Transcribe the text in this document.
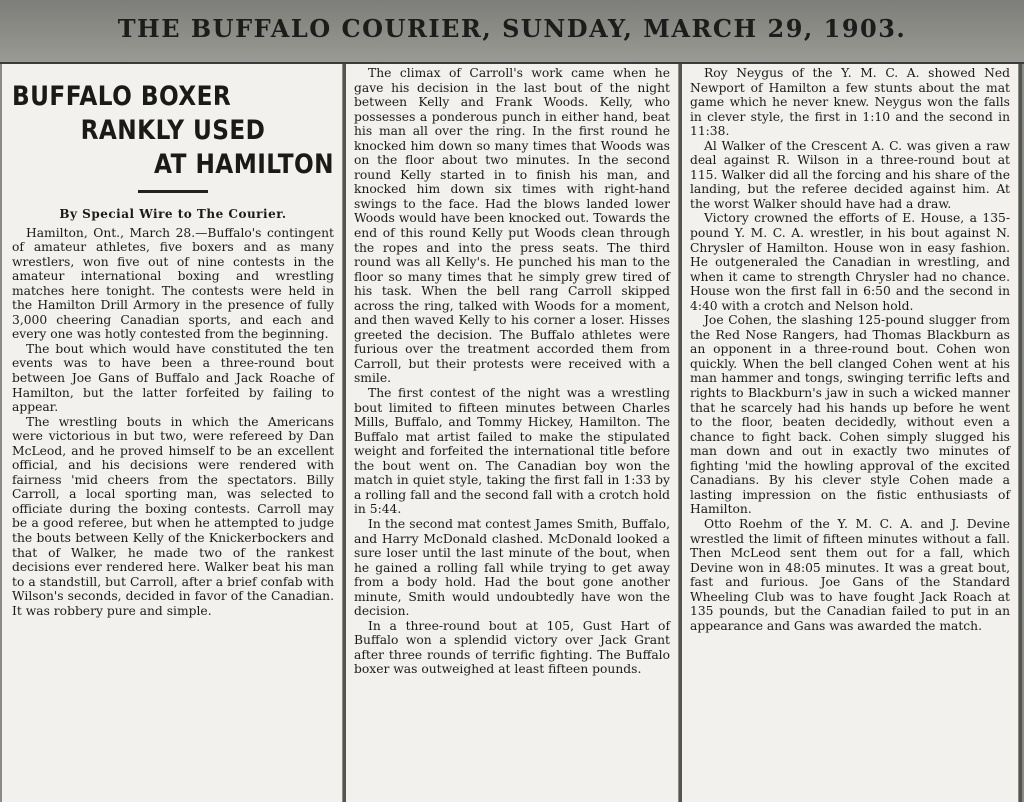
THE BUFFALO COURIER, SUNDAY, MARCH 29, 1903.
BUFFALO BOXER
RANKLY USED
AT HAMILTON
By Special Wire to The Courier.

Hamilton, Ont., March 28.—Buffalo's contingent of amateur athletes, five boxers and as many wrestlers, won five out of nine contests in the amateur international boxing and wrestling matches here tonight. The contests were held in the Hamilton Drill Armory in the presence of fully 3,000 cheering Canadian sports, and each and every one was hotly contested from the beginning.

The bout which would have constituted the ten events was to have been a three-round bout between Joe Gans of Buffalo and Jack Roache of Hamilton, but the latter forfeited by failing to appear.

The wrestling bouts in which the Americans were victorious in but two, were refereed by Dan McLeod, and he proved himself to be an excellent official, and his decisions were rendered with fairness 'mid cheers from the spectators. Billy Carroll, a local sporting man, was selected to officiate during the boxing contests. Carroll may be a good referee, but when he attempted to judge the bouts between Kelly of the Knickerbockers and that of Walker, he made two of the rankest decisions ever rendered here. Walker beat his man to a standstill, but Carroll, after a brief confab with Wilson's seconds, decided in favor of the Canadian. It was robbery pure and simple.

The climax of Carroll's work came when he gave his decision in the last bout of the night between Kelly and Frank Woods. Kelly, who possesses a ponderous punch in either hand, beat his man all over the ring. In the first round he knocked him down so many times that Woods was on the floor about two minutes. In the second round Kelly started in to finish his man, and knocked him down six times with right-hand swings to the face. Had the blows landed lower Woods would have been knocked out. Towards the end of this round Kelly put Woods clean through the ropes and into the press seats. The third round was all Kelly's. He punched his man to the floor so many times that he simply grew tired of his task. When the bell rang Carroll skipped across the ring, talked with Woods for a moment, and then waved Kelly to his corner a loser. Hisses greeted the decision. The Buffalo athletes were furious over the treatment accorded them from Carroll, but their protests were received with a smile.

The first contest of the night was a wrestling bout limited to fifteen minutes between Charles Mills, Buffalo, and Tommy Hickey, Hamilton. The Buffalo mat artist failed to make the stipulated weight and forfeited the international title before the bout went on. The Canadian boy won the match in quiet style, taking the first fall in 1:33 by a rolling fall and the second fall with a crotch hold in 5:44.

In the second mat contest James Smith, Buffalo, and Harry McDonald clashed. McDonald looked a sure loser until the last minute of the bout, when he gained a rolling fall while trying to get away from a body hold. Had the bout gone another minute, Smith would undoubtedly have won the decision.

In a three-round bout at 105, Gust Hart of Buffalo won a splendid victory over Jack Grant after three rounds of terrific fighting. The Buffalo boxer was outweighed at least fifteen pounds.

Roy Neygus of the Y. M. C. A. showed Ned Newport of Hamilton a few stunts about the mat game which he never knew. Neygus won the falls in clever style, the first in 1:10 and the second in 11:38.

Al Walker of the Crescent A. C. was given a raw deal against R. Wilson in a three-round bout at 115. Walker did all the forcing and his share of the landing, but the referee decided against him. At the worst Walker should have had a draw.

Victory crowned the efforts of E. House, a 135-pound Y. M. C. A. wrestler, in his bout against N. Chrysler of Hamilton. House won in easy fashion. He outgeneraled the Canadian in wrestling, and when it came to strength Chrysler had no chance. House won the first fall in 6:50 and the second in 4:40 with a crotch and Nelson hold.

Joe Cohen, the slashing 125-pound slugger from the Red Nose Rangers, had Thomas Blackburn as an opponent in a three-round bout. Cohen won quickly. When the bell clanged Cohen went at his man hammer and tongs, swinging terrific lefts and rights to Blackburn's jaw in such a wicked manner that he scarcely had his hands up before he went to the floor, beaten decidedly, without even a chance to fight back. Cohen simply slugged his man down and out in exactly two minutes of fighting 'mid the howling approval of the excited Canadians. By his clever style Cohen made a lasting impression on the fistic enthusiasts of Hamilton.

Otto Roehm of the Y. M. C. A. and J. Devine wrestled the limit of fifteen minutes without a fall. Then McLeod sent them out for a fall, which Devine won in 48:05 minutes. It was a great bout, fast and furious. Joe Gans of the Standard Wheeling Club was to have fought Jack Roach at 135 pounds, but the Canadian failed to put in an appearance and Gans was awarded the match.
